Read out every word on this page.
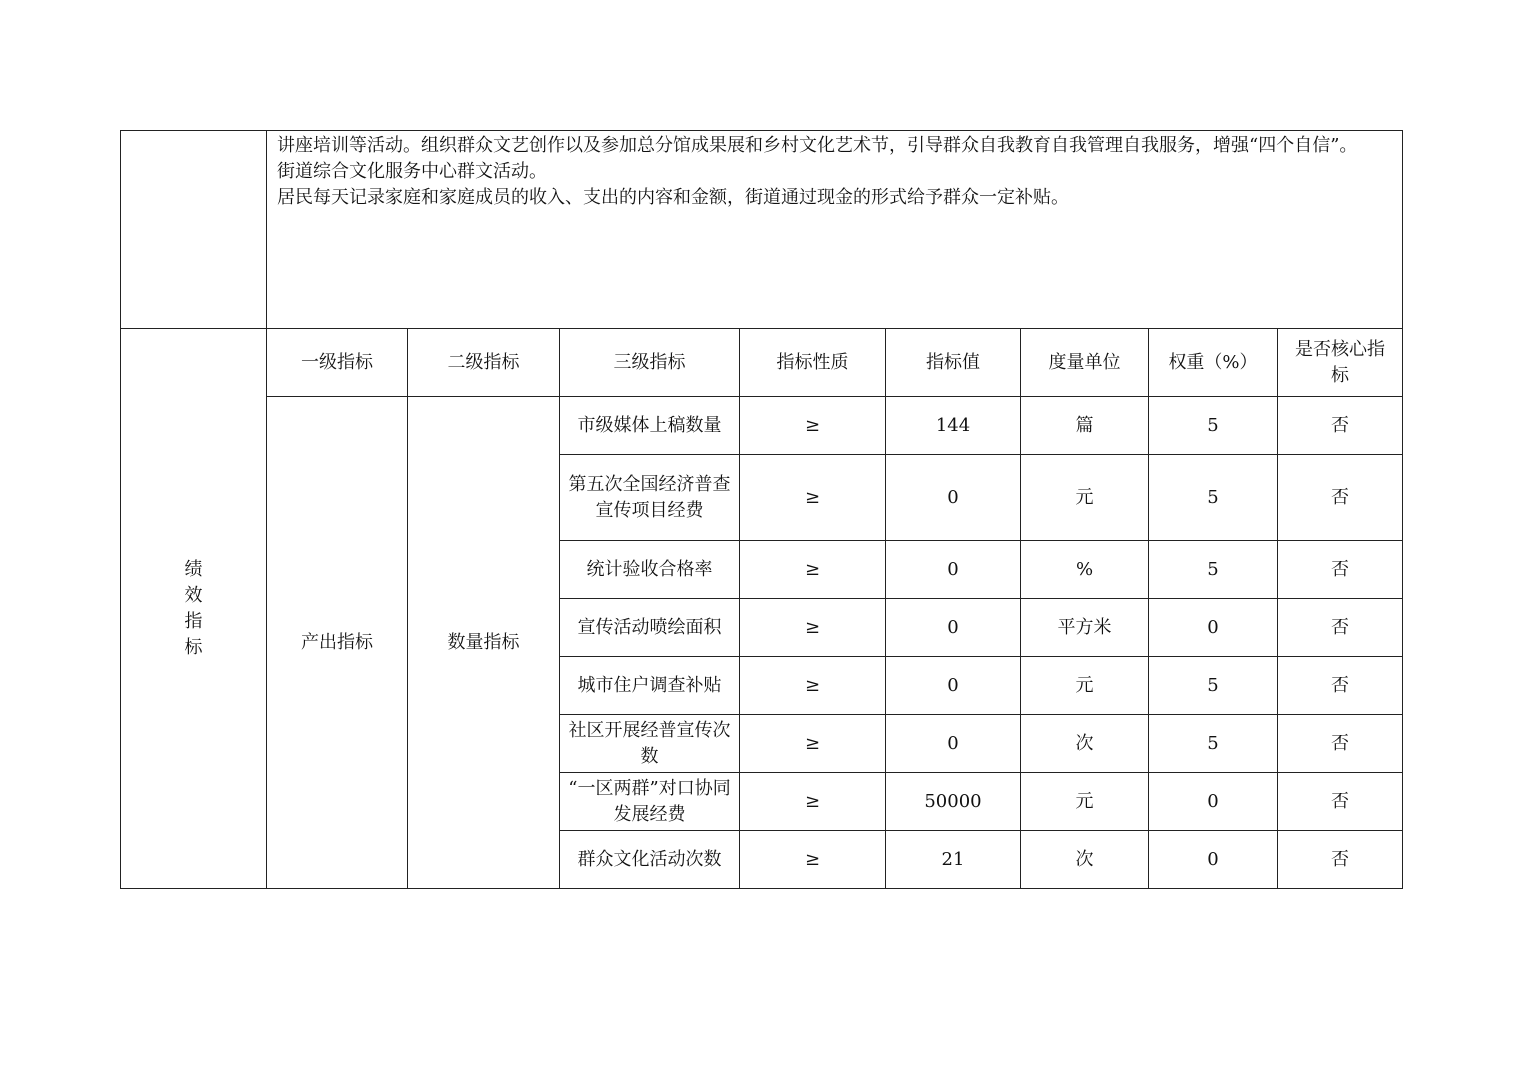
	讲座培训等活动。组织群众文艺创作以及参加总分馆成果展和乡村文化艺术节，引导群众自我教育自我管理自我服务，增强“四个自信”。

街道综合文化服务中心群文活动。

居民每天记录家庭和家庭成员的收入、支出的内容和金额，街道通过现金的形式给予群众一定补贴。							

绩效指标	一级指标	二级指标	三级指标	指标性质	指标值	度量单位	权重（%）	是否核心指标
	产出指标	数量指标	市级媒体上稿数量	≥	144	篇	5	否
			第五次全国经济普查宣传项目经费	≥	0	元	5	否
			统计验收合格率	≥	0	%	5	否
			宣传活动喷绘面积	≥	0	平方米	0	否
			城市住户调查补贴	≥	0	元	5	否
			社区开展经普宣传次数	≥	0	次	5	否
			“一区两群”对口协同发展经费	≥	50000	元	0	否
			群众文化活动次数	≥	21	次	0	否
